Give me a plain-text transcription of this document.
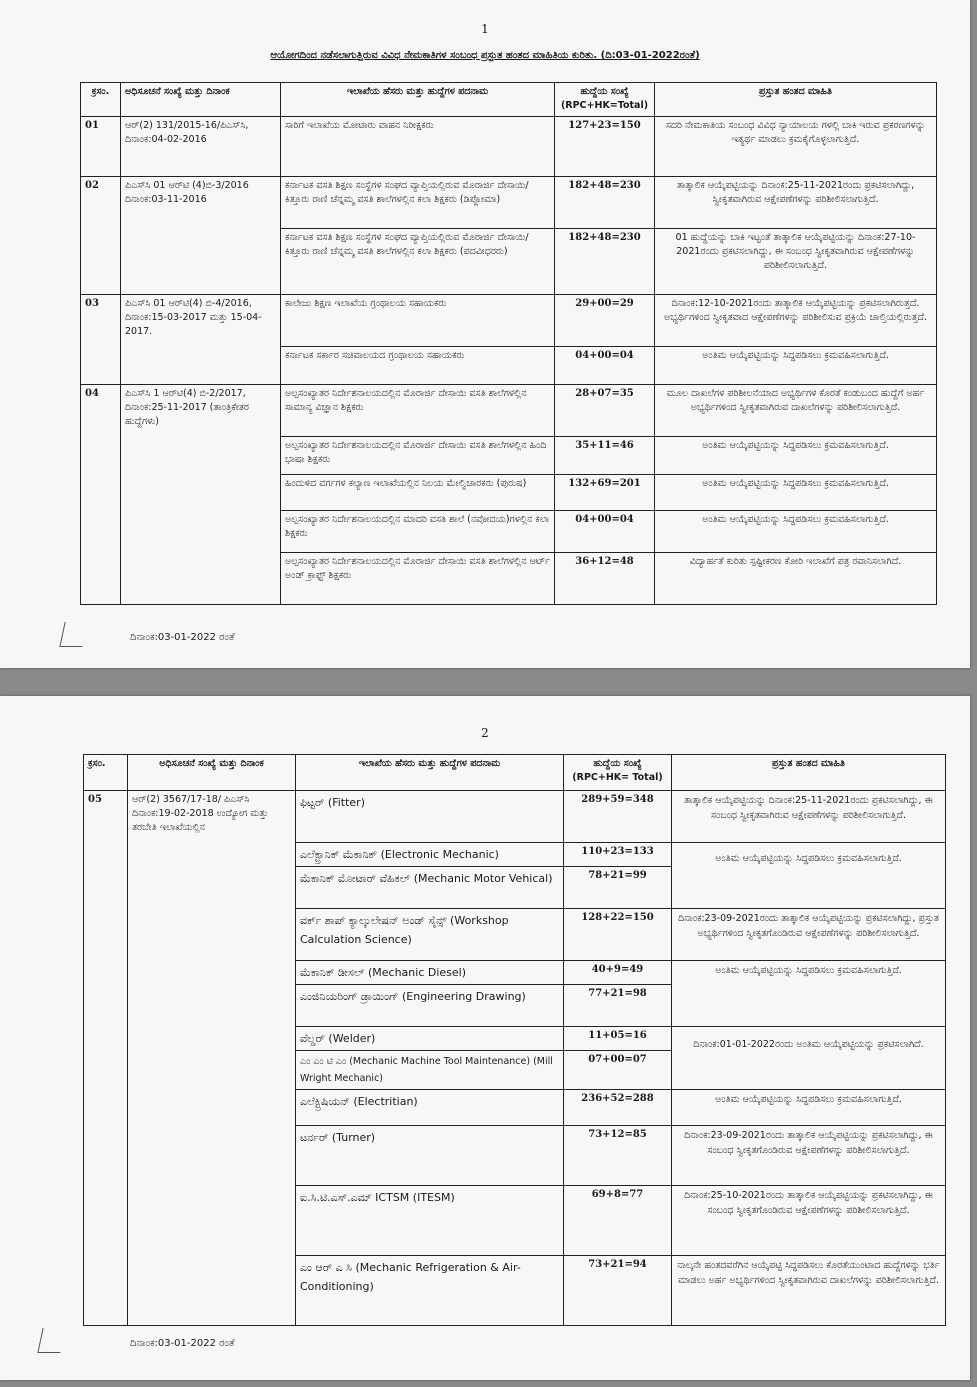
1
ಆಯೋಗದಿಂದ ನಡೆಸಲಾಗುತ್ತಿರುವ ವಿವಿಧ ನೇಮಕಾತಿಗಳ ಸಂಬಂಧ ಪ್ರಸ್ತುತ ಹಂತದ ಮಾಹಿತಿಯ ಕುರಿತು. (ದಿ:03-01-2022ರಂತೆ)
ಕ್ರಸಂ.	ಅಧಿಸೂಚನೆ ಸಂಖ್ಯೆ ಮತ್ತು ದಿನಾಂಕ	ಇಲಾಖೆಯ ಹೆಸರು ಮತ್ತು ಹುದ್ದೆಗಳ ಪದನಾಮ	ಹುದ್ದೆಯ ಸಂಖ್ಯೆ (RPC+HK=Total)	ಪ್ರಸ್ತುತ ಹಂತದ ಮಾಹಿತಿ
01	ಆರ್(2) 131/2015-16/ಪಿಎಸ್‌ಸಿ, ದಿನಾಂಕ:04-02-2016	ಸಾರಿಗೆ ಇಲಾಖೆಯ ಮೋಟಾರು ವಾಹನ ನಿರೀಕ್ಷಕರು	127+23=150	ಸದರಿ ನೇಮಕಾತಿಯ ಸಂಬಂಧ ವಿವಿಧ ನ್ಯಾಯಾಲಯ ಗಳಲ್ಲಿ ಬಾಕಿ ಇರುವ ಪ್ರಕರಣಗಳನ್ನು ಇತ್ಯರ್ಥ ಮಾಡಲು ಕ್ರಮಕೈಗೊಳ್ಳಲಾಗುತ್ತಿದೆ.
02	ಪಿಎಸ್‌ಸಿ 01 ಆರ್‌ಟಿ (4)ಬಿ-3/2016 ದಿನಾಂಕ:03-11-2016	ಕರ್ನಾಟಕ ವಸತಿ ಶಿಕ್ಷಣ ಸಂಸ್ಥೆಗಳ ಸಂಘದ ವ್ಯಾಪ್ತಿಯಲ್ಲಿರುವ ಮೊರಾರ್ಜಿ ದೇಸಾಯಿ/ ಕಿತ್ತೂರು ರಾಣಿ ಚೆನ್ನಮ್ಮ ವಸತಿ ಶಾಲೆಗಳಲ್ಲಿನ ಕಲಾ ಶಿಕ್ಷಕರು (ಡಿಪ್ಲೋಮಾ)	182+48=230	ತಾತ್ಕಾಲಿಕ ಆಯ್ಕೆಪಟ್ಟಿಯನ್ನು ದಿನಾಂಕ:25-11-2021ರಂದು ಪ್ರಕಟಿಸಲಾಗಿದ್ದು, ಸ್ವೀಕೃತವಾಗಿರುವ ಆಕ್ಷೇಪಣೆಗಳನ್ನು ಪರಿಶೀಲಿಸಲಾಗುತ್ತಿದೆ.
		ಕರ್ನಾಟಕ ವಸತಿ ಶಿಕ್ಷಣ ಸಂಸ್ಥೆಗಳ ಸಂಘದ ವ್ಯಾಪ್ತಿಯಲ್ಲಿರುವ ಮೊರಾರ್ಜಿ ದೇಸಾಯಿ/ ಕಿತ್ತೂರು ರಾಣಿ ಚೆನ್ನಮ್ಮ ವಸತಿ ಶಾಲೆಗಳಲ್ಲಿನ ಕಲಾ ಶಿಕ್ಷಕರು (ಪದವೀಧರರು)	182+48=230	01 ಹುದ್ದೆಯನ್ನು ಬಾಕಿ ಇಟ್ಟಂತೆ ತಾತ್ಕಾಲಿಕ ಆಯ್ಕೆಪಟ್ಟಿಯನ್ನು ದಿನಾಂಕ:27-10-2021ರಂದು ಪ್ರಕಟಿಸಲಾಗಿದ್ದು, ಈ ಸಂಬಂಧ ಸ್ವೀಕೃತವಾಗಿರುವ ಆಕ್ಷೇಪಣೆಗಳನ್ನು ಪರಿಶೀಲಿಸಲಾಗುತ್ತಿದೆ.
03	ಪಿಎಸ್‌ಸಿ 01 ಆರ್‌ಟಿ(4) ಬಿ-4/2016, ದಿನಾಂಕ:15-03-2017 ಮತ್ತು 15-04-2017.	ಕಾಲೇಜು ಶಿಕ್ಷಣ ಇಲಾಖೆಯ ಗ್ರಂಥಾಲಯ ಸಹಾಯಕರು	29+00=29	ದಿನಾಂಕ:12-10-2021ರಂದು ತಾತ್ಕಾಲಿಕ ಆಯ್ಕೆಪಟ್ಟಿಯನ್ನು ಪ್ರಕಟಿಸಲಾಗಿರುತ್ತದೆ. ಅಭ್ಯರ್ಥಿಗಳಿಂದ ಸ್ವೀಕೃತವಾದ ಆಕ್ಷೇಪಣೆಗಳನ್ನು ಪರಿಶೀಲಿಸುವ ಪ್ರಕ್ರಿಯೆ ಚಾಲ್ತಿಯಲ್ಲಿರುತ್ತದೆ.
		ಕರ್ನಾಟಕ ಸರ್ಕಾರ ಸಚಿವಾಲಯದ ಗ್ರಂಥಾಲಯ ಸಹಾಯಕರು	04+00=04	ಅಂತಿಮ ಆಯ್ಕೆಪಟ್ಟಿಯನ್ನು ಸಿದ್ಧಪಡಿಸಲು ಕ್ರಮವಹಿಸಲಾಗುತ್ತಿದೆ.
04	ಪಿಎಸ್‌ಸಿ 1 ಆರ್‌ಟಿ(4) ಬಿ-2/2017, ದಿನಾಂಕ:25-11-2017 (ತಾಂತ್ರಿಕೇತರ ಹುದ್ದೆಗಳು)	ಅಲ್ಪಸಂಖ್ಯಾತರ ನಿರ್ದೇಶನಾಲಯದಲ್ಲಿನ ಮೊರಾರ್ಜಿ ದೇಸಾಯಿ ವಸತಿ ಶಾಲೆಗಳಲ್ಲಿನ ಸಾಮಾನ್ಯ ವಿಜ್ಞಾನ ಶಿಕ್ಷಕರು	28+07=35	ಮೂಲ ದಾಖಲೆಗಳ ಪರಿಶೀಲನೆಯಾದ ಅಭ್ಯರ್ಥಿಗಳ ಕೊರತೆ ಕಂಡುಬಂದ ಹುದ್ದೆಗೆ ಅರ್ಹ ಅಭ್ಯರ್ಥಿಗಳಿಂದ ಸ್ವೀಕೃತವಾಗಿರುವ ದಾಖಲೆಗಳನ್ನು ಪರಿಶೀಲಿಸಲಾಗುತ್ತಿದೆ.
		ಅಲ್ಪಸಂಖ್ಯಾತರ ನಿರ್ದೇಶನಾಲಯದಲ್ಲಿನ ಮೊರಾರ್ಜಿ ದೇಸಾಯಿ ವಸತಿ ಶಾಲೆಗಳಲ್ಲಿನ ಹಿಂದಿ ಭಾಷಾ ಶಿಕ್ಷಕರು	35+11=46	ಅಂತಿಮ ಆಯ್ಕೆಪಟ್ಟಿಯನ್ನು ಸಿದ್ಧಪಡಿಸಲು ಕ್ರಮವಹಿಸಲಾಗುತ್ತಿದೆ.
		ಹಿಂದುಳಿದ ವರ್ಗಗಳ ಕಲ್ಯಾಣ ಇಲಾಖೆಯಲ್ಲಿನ ನಿಲಯ ಮೇಲ್ವಿಚಾರಕರು (ಪುರುಷ)	132+69=201	ಅಂತಿಮ ಆಯ್ಕೆಪಟ್ಟಿಯನ್ನು ಸಿದ್ಧಪಡಿಸಲು ಕ್ರಮವಹಿಸಲಾಗುತ್ತಿದೆ.
		ಅಲ್ಪಸಂಖ್ಯಾತರ ನಿರ್ದೇಶನಾಲಯದಲ್ಲಿನ ಮಾದರಿ ವಸತಿ ಶಾಲೆ (ನವೋದಯ)ಗಳಲ್ಲಿನ ಕಲಾ ಶಿಕ್ಷಕರು	04+00=04	ಅಂತಿಮ ಆಯ್ಕೆಪಟ್ಟಿಯನ್ನು ಸಿದ್ಧಪಡಿಸಲು ಕ್ರಮವಹಿಸಲಾಗುತ್ತಿದೆ.
		ಅಲ್ಪಸಂಖ್ಯಾತರ ನಿರ್ದೇಶನಾಲಯದಲ್ಲಿನ ಮೊರಾರ್ಜಿ ದೇಸಾಯಿ ವಸತಿ ಶಾಲೆಗಳಲ್ಲಿನ ಆರ್ಟ್ ಅಂಡ್ ಕ್ರಾಫ್ಟ್ ಶಿಕ್ಷಕರು	36+12=48	ವಿದ್ಯಾರ್ಹತೆ ಕುರಿತು ಸ್ಪಷ್ಟೀಕರಣ ಕೋರಿ ಇಲಾಖೆಗೆ ಪತ್ರ ರವಾನಿಸಲಾಗಿದೆ.
ದಿನಾಂಕ:03-01-2022 ರಂತೆ
2
ಕ್ರಸಂ.	ಅಧಿಸೂಚನೆ ಸಂಖ್ಯೆ ಮತ್ತು ದಿನಾಂಕ	ಇಲಾಖೆಯ ಹೆಸರು ಮತ್ತು ಹುದ್ದೆಗಳ ಪದನಾಮ	ಹುದ್ದೆಯ ಸಂಖ್ಯೆ (RPC+HK= Total)	ಪ್ರಸ್ತುತ ಹಂತದ ಮಾಹಿತಿ
05	ಆರ್(2) 3567/17-18/ ಪಿಎಸ್‌ಸಿ ದಿನಾಂಕ:19-02-2018 ಉದ್ಯೋಗ ಮತ್ತು ತರಬೇತಿ ಇಲಾಖೆಯಲ್ಲಿನ	ಫಿಟ್ಟರ್ (Fitter)	289+59=348	ತಾತ್ಕಾಲಿಕ ಆಯ್ಕೆಪಟ್ಟಿಯನ್ನು ದಿನಾಂಕ:25-11-2021ರಂದು ಪ್ರಕಟಿಸಲಾಗಿದ್ದು, ಈ ಸಂಬಂಧ ಸ್ವೀಕೃತವಾಗಿರುವ ಆಕ್ಷೇಪಣೆಗಳನ್ನು ಪರಿಶೀಲಿಸಲಾಗುತ್ತಿದೆ.
		ಎಲೆಕ್ಟ್ರಾನಿಕ್ ಮೆಕಾನಿಕ್ (Electronic Mechanic)	110+23=133	ಅಂತಿಮ ಆಯ್ಕೆಪಟ್ಟಿಯನ್ನು ಸಿದ್ಧಪಡಿಸಲು ಕ್ರಮವಹಿಸಲಾಗುತ್ತಿದೆ.
		ಮೆಕಾನಿಕ್ ಮೋಟಾರ್ ವೆಹಿಕಲ್ (Mechanic Motor Vehical)	78+21=99	
		ವರ್ಕ್ ಶಾಪ್ ಕ್ಯಾಲ್ಕುಲೇಷನ್ ಅಂಡ್ ಸೈನ್ಸ್ (Workshop Calculation Science)	128+22=150	ದಿನಾಂಕ:23-09-2021ರಂದು ತಾತ್ಕಾಲಿಕ ಆಯ್ಕೆಪಟ್ಟಿಯನ್ನು ಪ್ರಕಟಿಸಲಾಗಿದ್ದು, ಪ್ರಸ್ತುತ ಅಭ್ಯರ್ಥಿಗಳಿಂದ ಸ್ವೀಕೃತಗೊಂಡಿರುವ ಆಕ್ಷೇಪಣೆಗಳನ್ನು ಪರಿಶೀಲಿಸಲಾಗುತ್ತಿದೆ.
		ಮೆಕಾನಿಕ್ ಡೀಸಲ್ (Mechanic Diesel)	40+9=49	ಅಂತಿಮ ಆಯ್ಕೆಪಟ್ಟಿಯನ್ನು ಸಿದ್ಧಪಡಿಸಲು ಕ್ರಮವಹಿಸಲಾಗುತ್ತಿದೆ.
		ಎಂಜಿನಿಯರಿಂಗ್ ಡ್ರಾಯಿಂಗ್ (Engineering Drawing)	77+21=98	
		ವೆಲ್ಡರ್ (Welder)	11+05=16	ದಿನಾಂಕ:01-01-2022ರಂದು ಅಂತಿಮ ಆಯ್ಕೆಪಟ್ಟಿಯನ್ನು ಪ್ರಕಟಿಸಲಾಗಿದೆ.
		ಎಂ ಎಂ ಟಿ ಎಂ (Mechanic Machine Tool Maintenance) (Mill Wright Mechanic)	07+00=07	
		ಎಲೆಕ್ಟ್ರಿಷಿಯನ್ (Electritian)	236+52=288	ಅಂತಿಮ ಆಯ್ಕೆಪಟ್ಟಿಯನ್ನು ಸಿದ್ಧಪಡಿಸಲು ಕ್ರಮವಹಿಸಲಾಗುತ್ತಿದೆ.
		ಟರ್ನರ್ (Turner)	73+12=85	ದಿನಾಂಕ:23-09-2021ರಂದು ತಾತ್ಕಾಲಿಕ ಆಯ್ಕೆಪಟ್ಟಿಯನ್ನು ಪ್ರಕಟಿಸಲಾಗಿದ್ದು, ಈ ಸಂಬಂಧ ಸ್ವೀಕೃತಗೊಂಡಿರುವ ಆಕ್ಷೇಪಣೆಗಳನ್ನು ಪರಿಶೀಲಿಸಲಾಗುತ್ತಿದೆ.
		ಐ.ಸಿ.ಟಿ.ಎಸ್.ಎಮ್ ICTSM (ITESM)	69+8=77	ದಿನಾಂಕ:25-10-2021ರಂದು ತಾತ್ಕಾಲಿಕ ಆಯ್ಕೆಪಟ್ಟಿಯನ್ನು ಪ್ರಕಟಿಸಲಾಗಿದ್ದು, ಈ ಸಂಬಂಧ ಸ್ವೀಕೃತಗೊಂಡಿರುವ ಆಕ್ಷೇಪಣೆಗಳನ್ನು ಪರಿಶೀಲಿಸಲಾಗುತ್ತಿದೆ.
		ಎಂ ಆರ್ ಎ ಸಿ (Mechanic Refrigeration & Air-Conditioning)	73+21=94	ನಾಲ್ಕನೇ ಹಂತದವರೆಗಿನ ಆಯ್ಕೆಪಟ್ಟಿ ಸಿದ್ಧಪಡಿಸಲು ಕೊರತೆಯುಂಟಾದ ಹುದ್ದೆಗಳನ್ನು ಭರ್ತಿ ಮಾಡಲು ಅರ್ಹ ಅಭ್ಯರ್ಥಿಗಳಿಂದ ಸ್ವೀಕೃತವಾಗಿರುವ ದಾಖಲೆಗಳನ್ನು ಪರಿಶೀಲಿಸಲಾಗುತ್ತಿದೆ.
ದಿನಾಂಕ:03-01-2022 ರಂತೆ
